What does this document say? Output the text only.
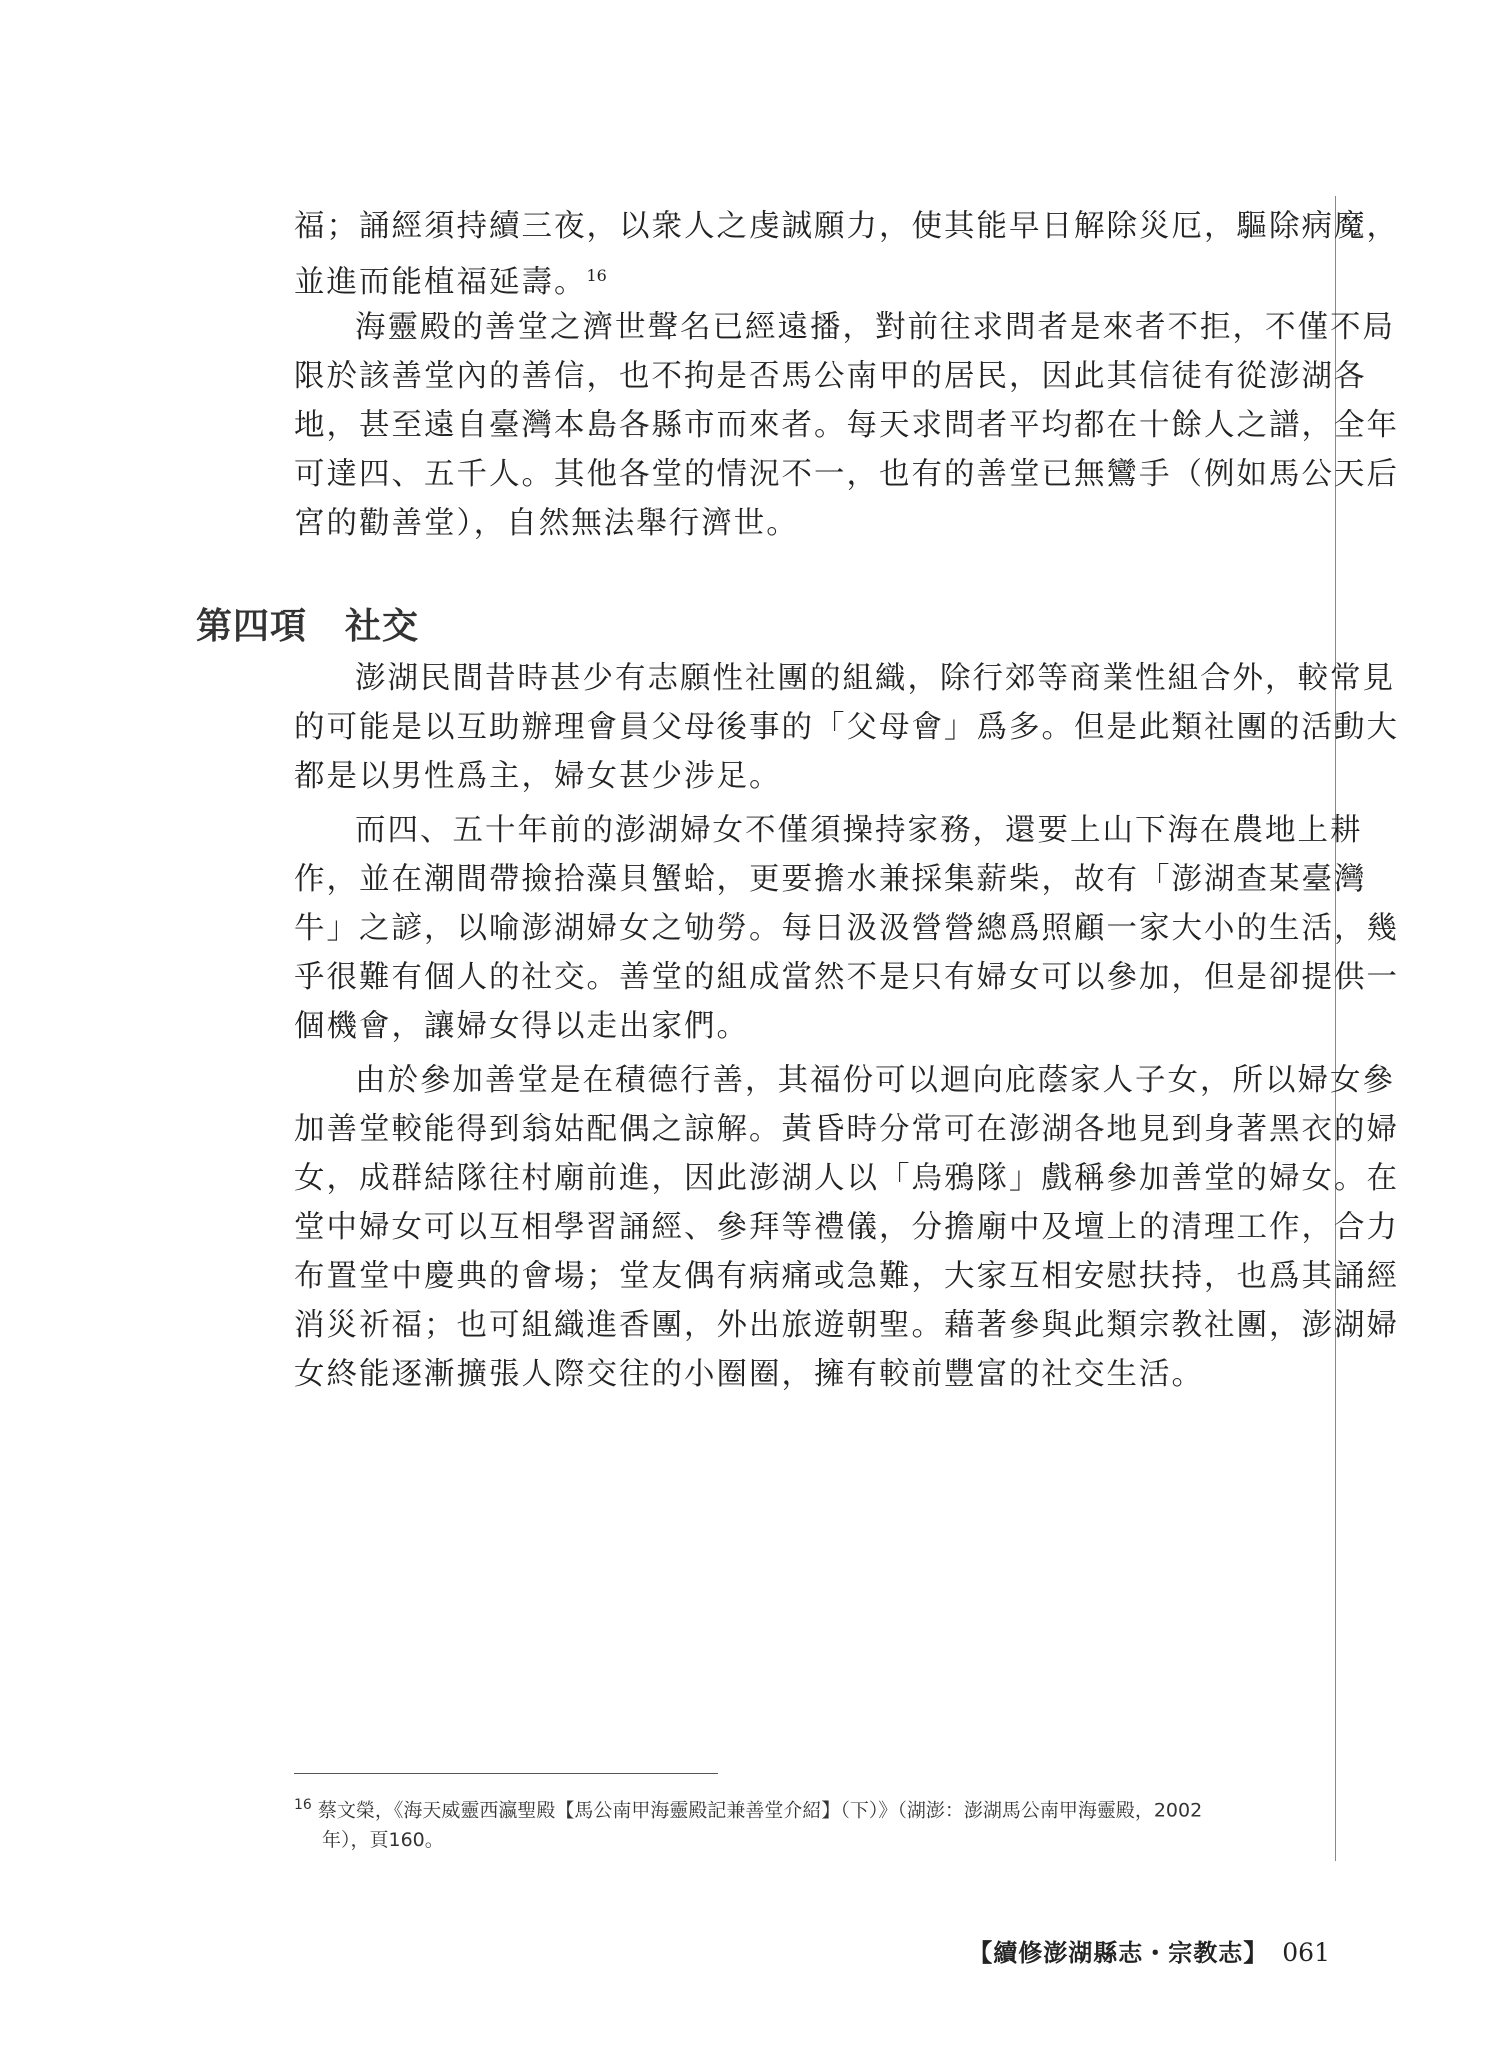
福；誦經須持續三夜，以衆人之虔誠願力，使其能早日解除災厄，驅除病魔，
並進而能植福延壽。$^{16}$

海靈殿的善堂之濟世聲名已經遠播，對前往求問者是來者不拒，不僅不局
限於該善堂內的善信，也不拘是否馬公南甲的居民，因此其信徒有從澎湖各
地，甚至遠自臺灣本島各縣市而來者。每天求問者平均都在十餘人之譜，全年
可達四、五千人。其他各堂的情況不一，也有的善堂已無鸞手（例如馬公天后
宮的勸善堂），自然無法舉行濟世。

第四項 社交

澎湖民間昔時甚少有志願性社團的組織，除行郊等商業性組合外，較常見
的可能是以互助辦理會員父母後事的「父母會」爲多。但是此類社團的活動大
都是以男性爲主，婦女甚少涉足。

而四、五十年前的澎湖婦女不僅須操持家務，還要上山下海在農地上耕
作，並在潮間帶撿拾藻貝蟹蛤，更要擔水兼採集薪柴，故有「澎湖查某臺灣
牛」之諺，以喻澎湖婦女之劬勞。每日汲汲營營總爲照顧一家大小的生活，幾
乎很難有個人的社交。善堂的組成當然不是只有婦女可以參加，但是卻提供一
個機會，讓婦女得以走出家們。

由於參加善堂是在積德行善，其福份可以迴向庇蔭家人子女，所以婦女參
加善堂較能得到翁姑配偶之諒解。黃昏時分常可在澎湖各地見到身著黑衣的婦
女，成群結隊往村廟前進，因此澎湖人以「烏鴉隊」戲稱參加善堂的婦女。在
堂中婦女可以互相學習誦經、參拜等禮儀，分擔廟中及壇上的清理工作，合力
布置堂中慶典的會場；堂友偶有病痛或急難，大家互相安慰扶持，也爲其誦經
消災祈福；也可組織進香團，外出旅遊朝聖。藉著參與此類宗教社團，澎湖婦
女終能逐漸擴張人際交往的小圈圈，擁有較前豐富的社交生活。

$^{16}$ 蔡文榮，《海天威靈西瀛聖殿【馬公南甲海靈殿記兼善堂介紹】（下）》（湖澎：澎湖馬公南甲海靈殿，2002
年），頁160。
【續修澎湖縣志・宗教志】 061
